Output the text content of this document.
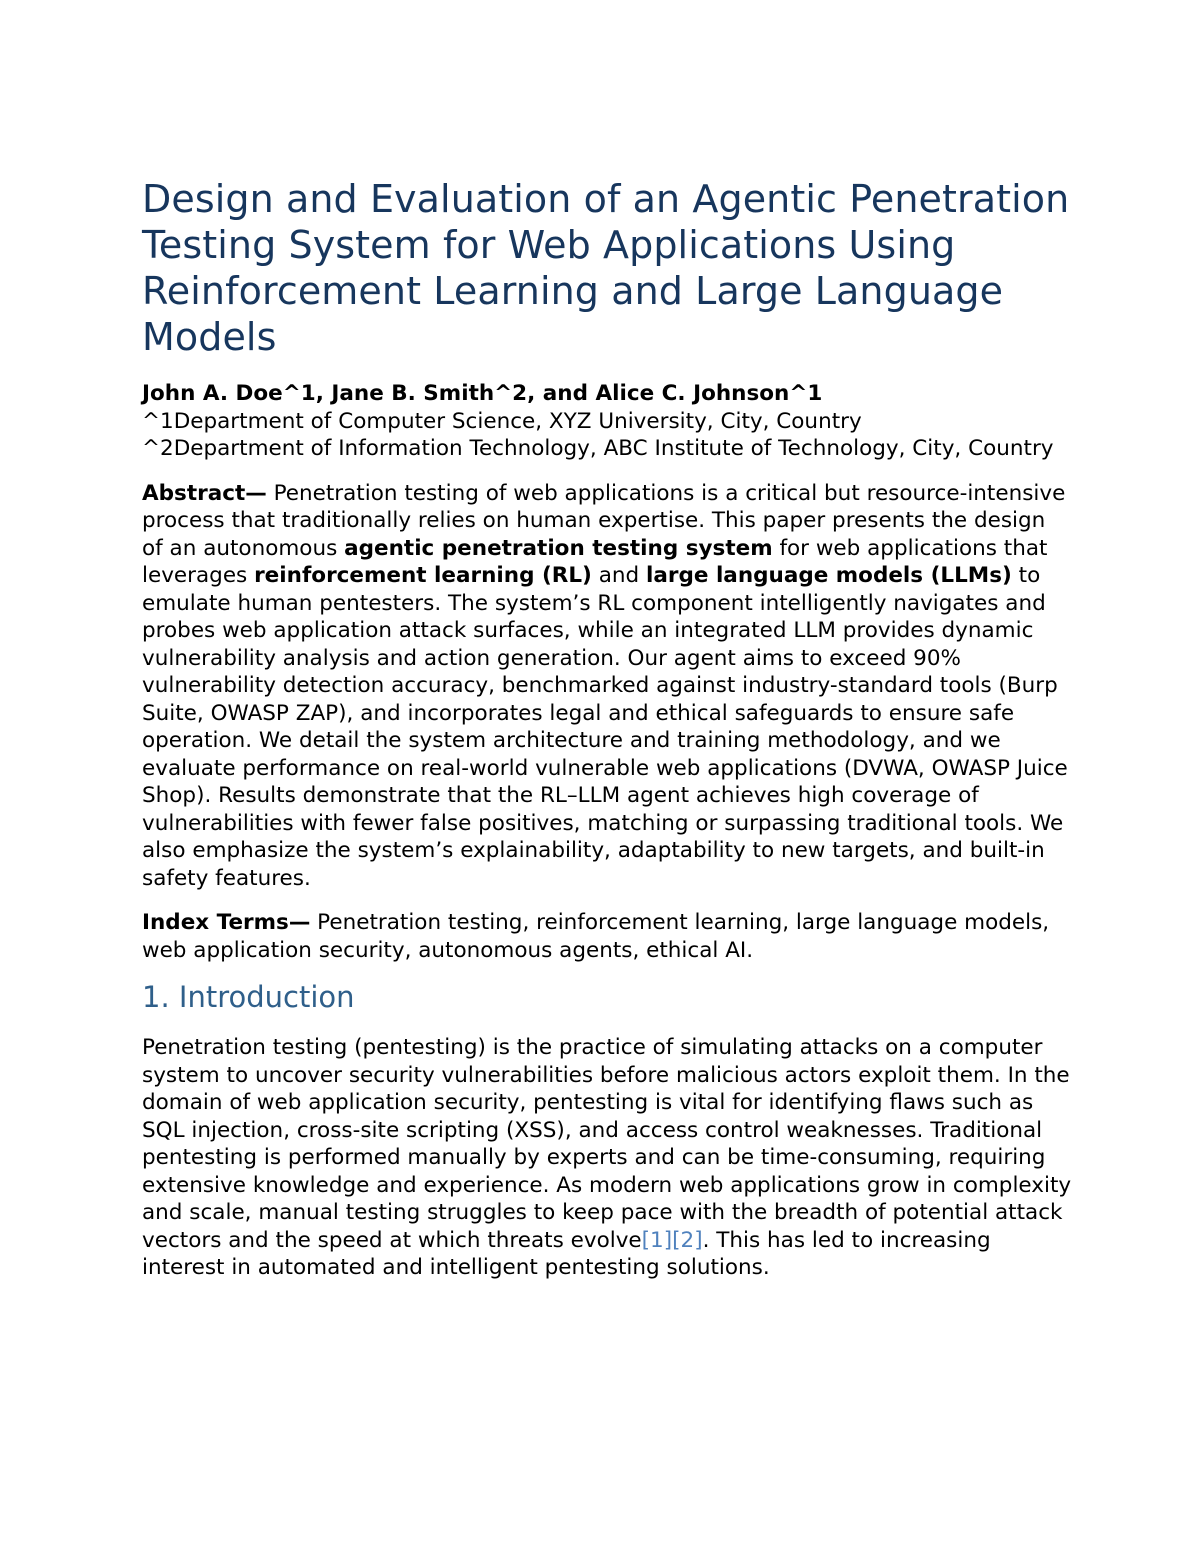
Design and Evaluation of an Agentic Penetration Testing System for Web Applications Using Reinforcement Learning and Large Language Models
John A. Doe^1, Jane B. Smith^2, and Alice C. Johnson^1
^1Department of Computer Science, XYZ University, City, Country
^2Department of Information Technology, ABC Institute of Technology, City, Country

Abstract— Penetration testing of web applications is a critical but resource-intensive process that traditionally relies on human expertise. This paper presents the design of an autonomous agentic penetration testing system for web applications that leverages reinforcement learning (RL) and large language models (LLMs) to emulate human pentesters. The system’s RL component intelligently navigates and probes web application attack surfaces, while an integrated LLM provides dynamic vulnerability analysis and action generation. Our agent aims to exceed 90% vulnerability detection accuracy, benchmarked against industry-standard tools (Burp Suite, OWASP ZAP), and incorporates legal and ethical safeguards to ensure safe operation. We detail the system architecture and training methodology, and we evaluate performance on real-world vulnerable web applications (DVWA, OWASP Juice Shop). Results demonstrate that the RL–LLM agent achieves high coverage of vulnerabilities with fewer false positives, matching or surpassing traditional tools. We also emphasize the system’s explainability, adaptability to new targets, and built-in safety features.

Index Terms— Penetration testing, reinforcement learning, large language models, web application security, autonomous agents, ethical AI.

1. Introduction

Penetration testing (pentesting) is the practice of simulating attacks on a computer system to uncover security vulnerabilities before malicious actors exploit them. In the domain of web application security, pentesting is vital for identifying flaws such as SQL injection, cross-site scripting (XSS), and access control weaknesses. Traditional pentesting is performed manually by experts and can be time-consuming, requiring extensive knowledge and experience. As modern web applications grow in complexity and scale, manual testing struggles to keep pace with the breadth of potential attack vectors and the speed at which threats evolve[1][2]. This has led to increasing interest in automated and intelligent pentesting solutions.
